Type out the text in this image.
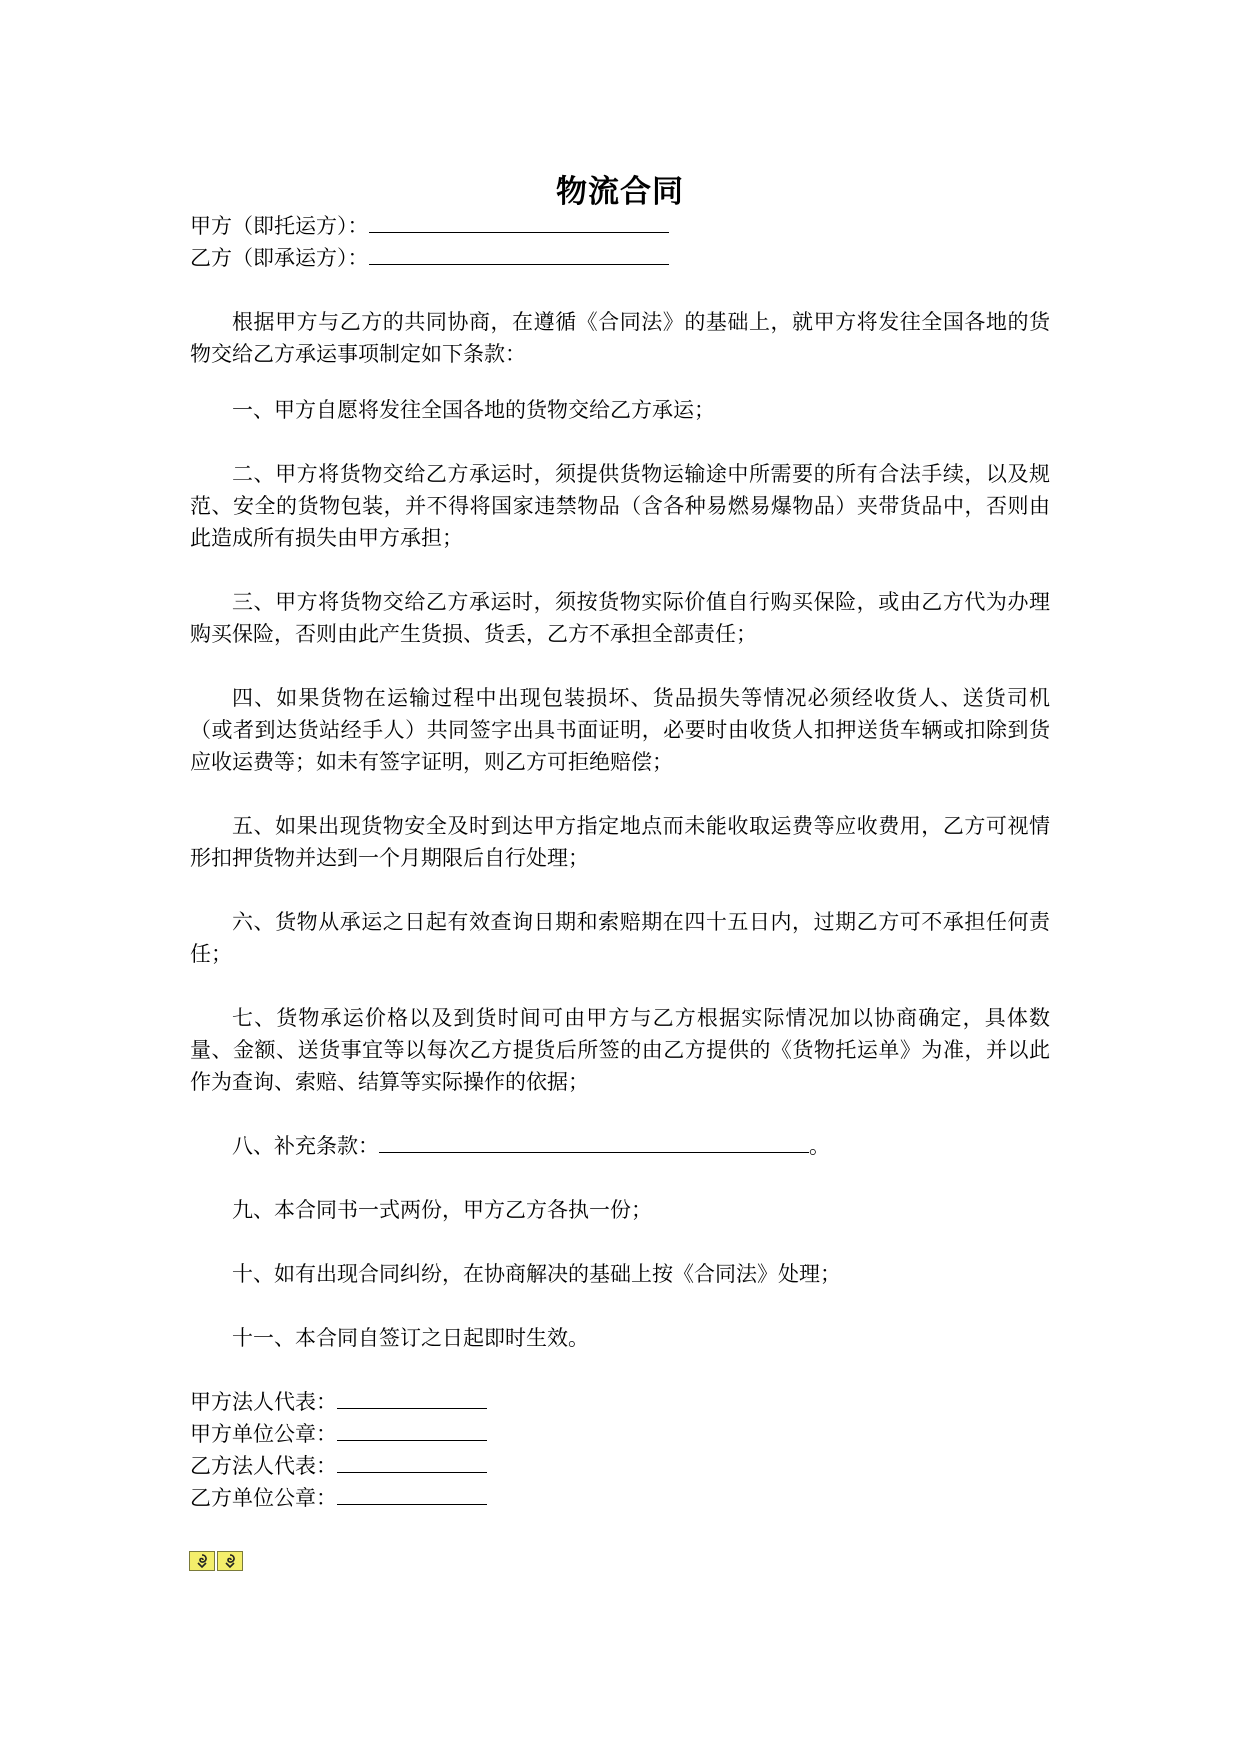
物流合同
甲方（即托运方）：
乙方（即承运方）：
根据甲方与乙方的共同协商，在遵循《合同法》的基础上，就甲方将发往全国各地的货物交给乙方承运事项制定如下条款：
一、甲方自愿将发往全国各地的货物交给乙方承运；
二、甲方将货物交给乙方承运时，须提供货物运输途中所需要的所有合法手续，以及规范、安全的货物包装，并不得将国家违禁物品（含各种易燃易爆物品）夹带货品中，否则由此造成所有损失由甲方承担；
三、甲方将货物交给乙方承运时，须按货物实际价值自行购买保险，或由乙方代为办理购买保险，否则由此产生货损、货丢，乙方不承担全部责任；
四、如果货物在运输过程中出现包装损坏、货品损失等情况必须经收货人、送货司机（或者到达货站经手人）共同签字出具书面证明，必要时由收货人扣押送货车辆或扣除到货应收运费等；如未有签字证明，则乙方可拒绝赔偿；
五、如果出现货物安全及时到达甲方指定地点而未能收取运费等应收费用，乙方可视情形扣押货物并达到一个月期限后自行处理；
六、货物从承运之日起有效查询日期和索赔期在四十五日内，过期乙方可不承担任何责任；
七、货物承运价格以及到货时间可由甲方与乙方根据实际情况加以协商确定，具体数量、金额、送货事宜等以每次乙方提货后所签的由乙方提供的《货物托运单》为准，并以此作为查询、索赔、结算等实际操作的依据；
八、补充条款：	。
九、本合同书一式两份，甲方乙方各执一份；
十、如有出现合同纠纷，在协商解决的基础上按《合同法》处理；
十一、本合同自签订之日起即时生效。
甲方法人代表：
甲方单位公章：
乙方法人代表：
乙方单位公章：
